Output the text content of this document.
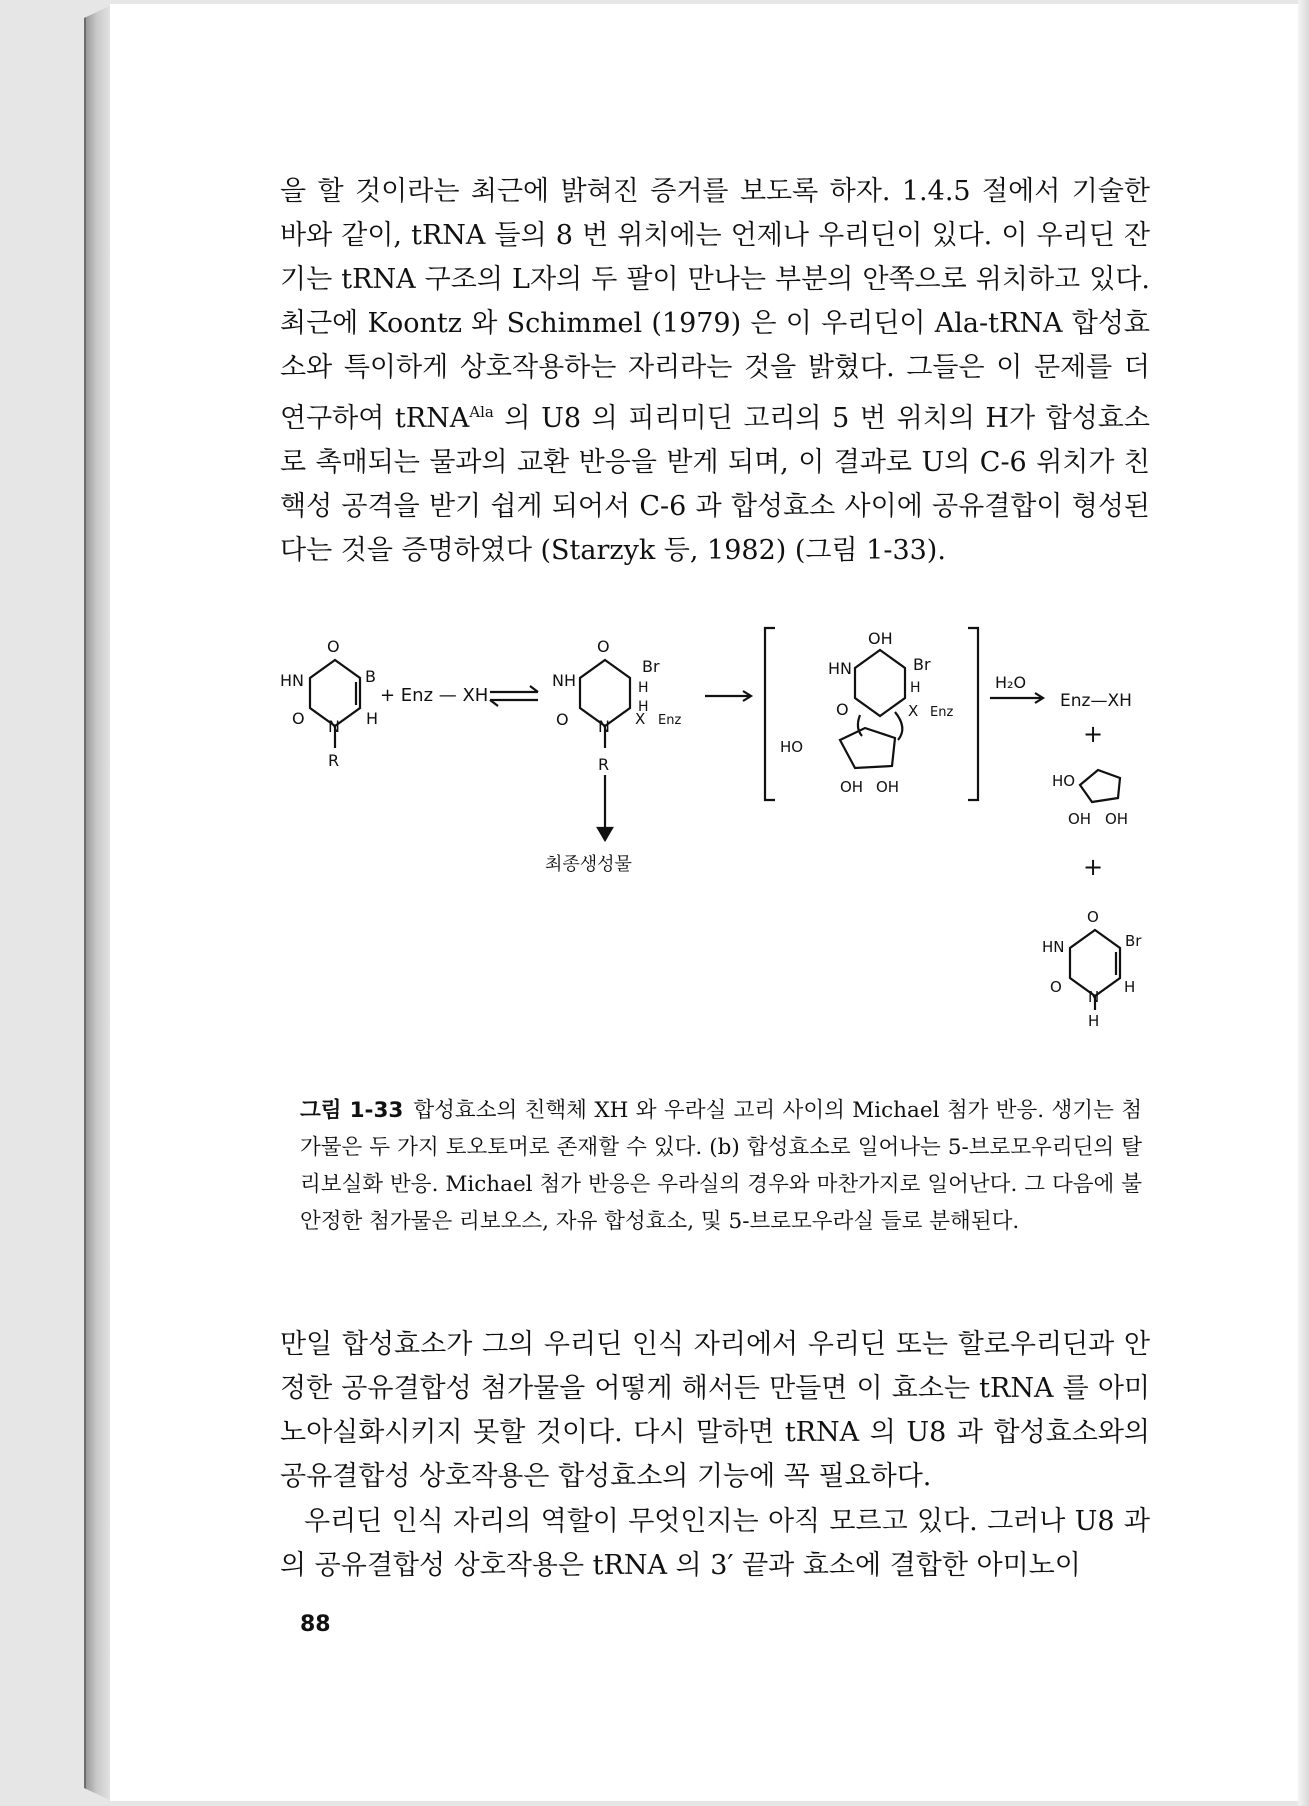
을 할 것이라는 최근에 밝혀진 증거를 보도록 하자. 1.4.5 절에서 기술한 바와 같이, tRNA 들의 8 번 위치에는 언제나 우리딘이 있다. 이 우리딘 잔기는 tRNA 구조의 L자의 두 팔이 만나는 부분의 안쪽으로 위치하고 있다. 최근에 Koontz 와 Schimmel (1979) 은 이 우리딘이 Ala-tRNA 합성효소와 특이하게 상호작용하는 자리라는 것을 밝혔다. 그들은 이 문제를 더 연구하여 tRNA$^{Ala}$ 의 U8 의 피리미딘 고리의 5 번 위치의 H가 합성효소로 촉매되는 물과의 교환 반응을 받게 되며, 이 결과로 U의 C-6 위치가 친핵성 공격을 받기 쉽게 되어서 C-6 과 합성효소 사이에 공유결합이 형성된다는 것을 증명하였다 (Starzyk 등, 1982) (그림 1-33).

O
HN	B
H
O N
R
+ Enz — XH
O
NH
Br
H
H
O N X Enz
R
최종생성물
OH
HN	Br
H
O	X Enz
HO
OH OH
H₂O
Enz—XH
+
HO
OH OH
+
O
HN	Br
O
N
H
H

그림 1-33 합성효소의 친핵체 XH 와 우라실 고리 사이의 Michael 첨가 반응. 생기는 첨가물은 두 가지 토오토머로 존재할 수 있다. (b) 합성효소로 일어나는 5-브로모우리딘의 탈리보실화 반응. Michael 첨가 반응은 우라실의 경우와 마찬가지로 일어난다. 그 다음에 불안정한 첨가물은 리보오스, 자유 합성효소, 및 5-브로모우라실 들로 분해된다.

만일 합성효소가 그의 우리딘 인식 자리에서 우리딘 또는 할로우리딘과 안정한 공유결합성 첨가물을 어떻게 해서든 만들면 이 효소는 tRNA 를 아미노아실화시키지 못할 것이다. 다시 말하면 tRNA 의 U8 과 합성효소와의 공유결합성 상호작용은 합성효소의 기능에 꼭 필요하다.

우리딘 인식 자리의 역할이 무엇인지는 아직 모르고 있다. 그러나 U8 과의 공유결합성 상호작용은 tRNA 의 3′ 끝과 효소에 결합한 아미노이

88
